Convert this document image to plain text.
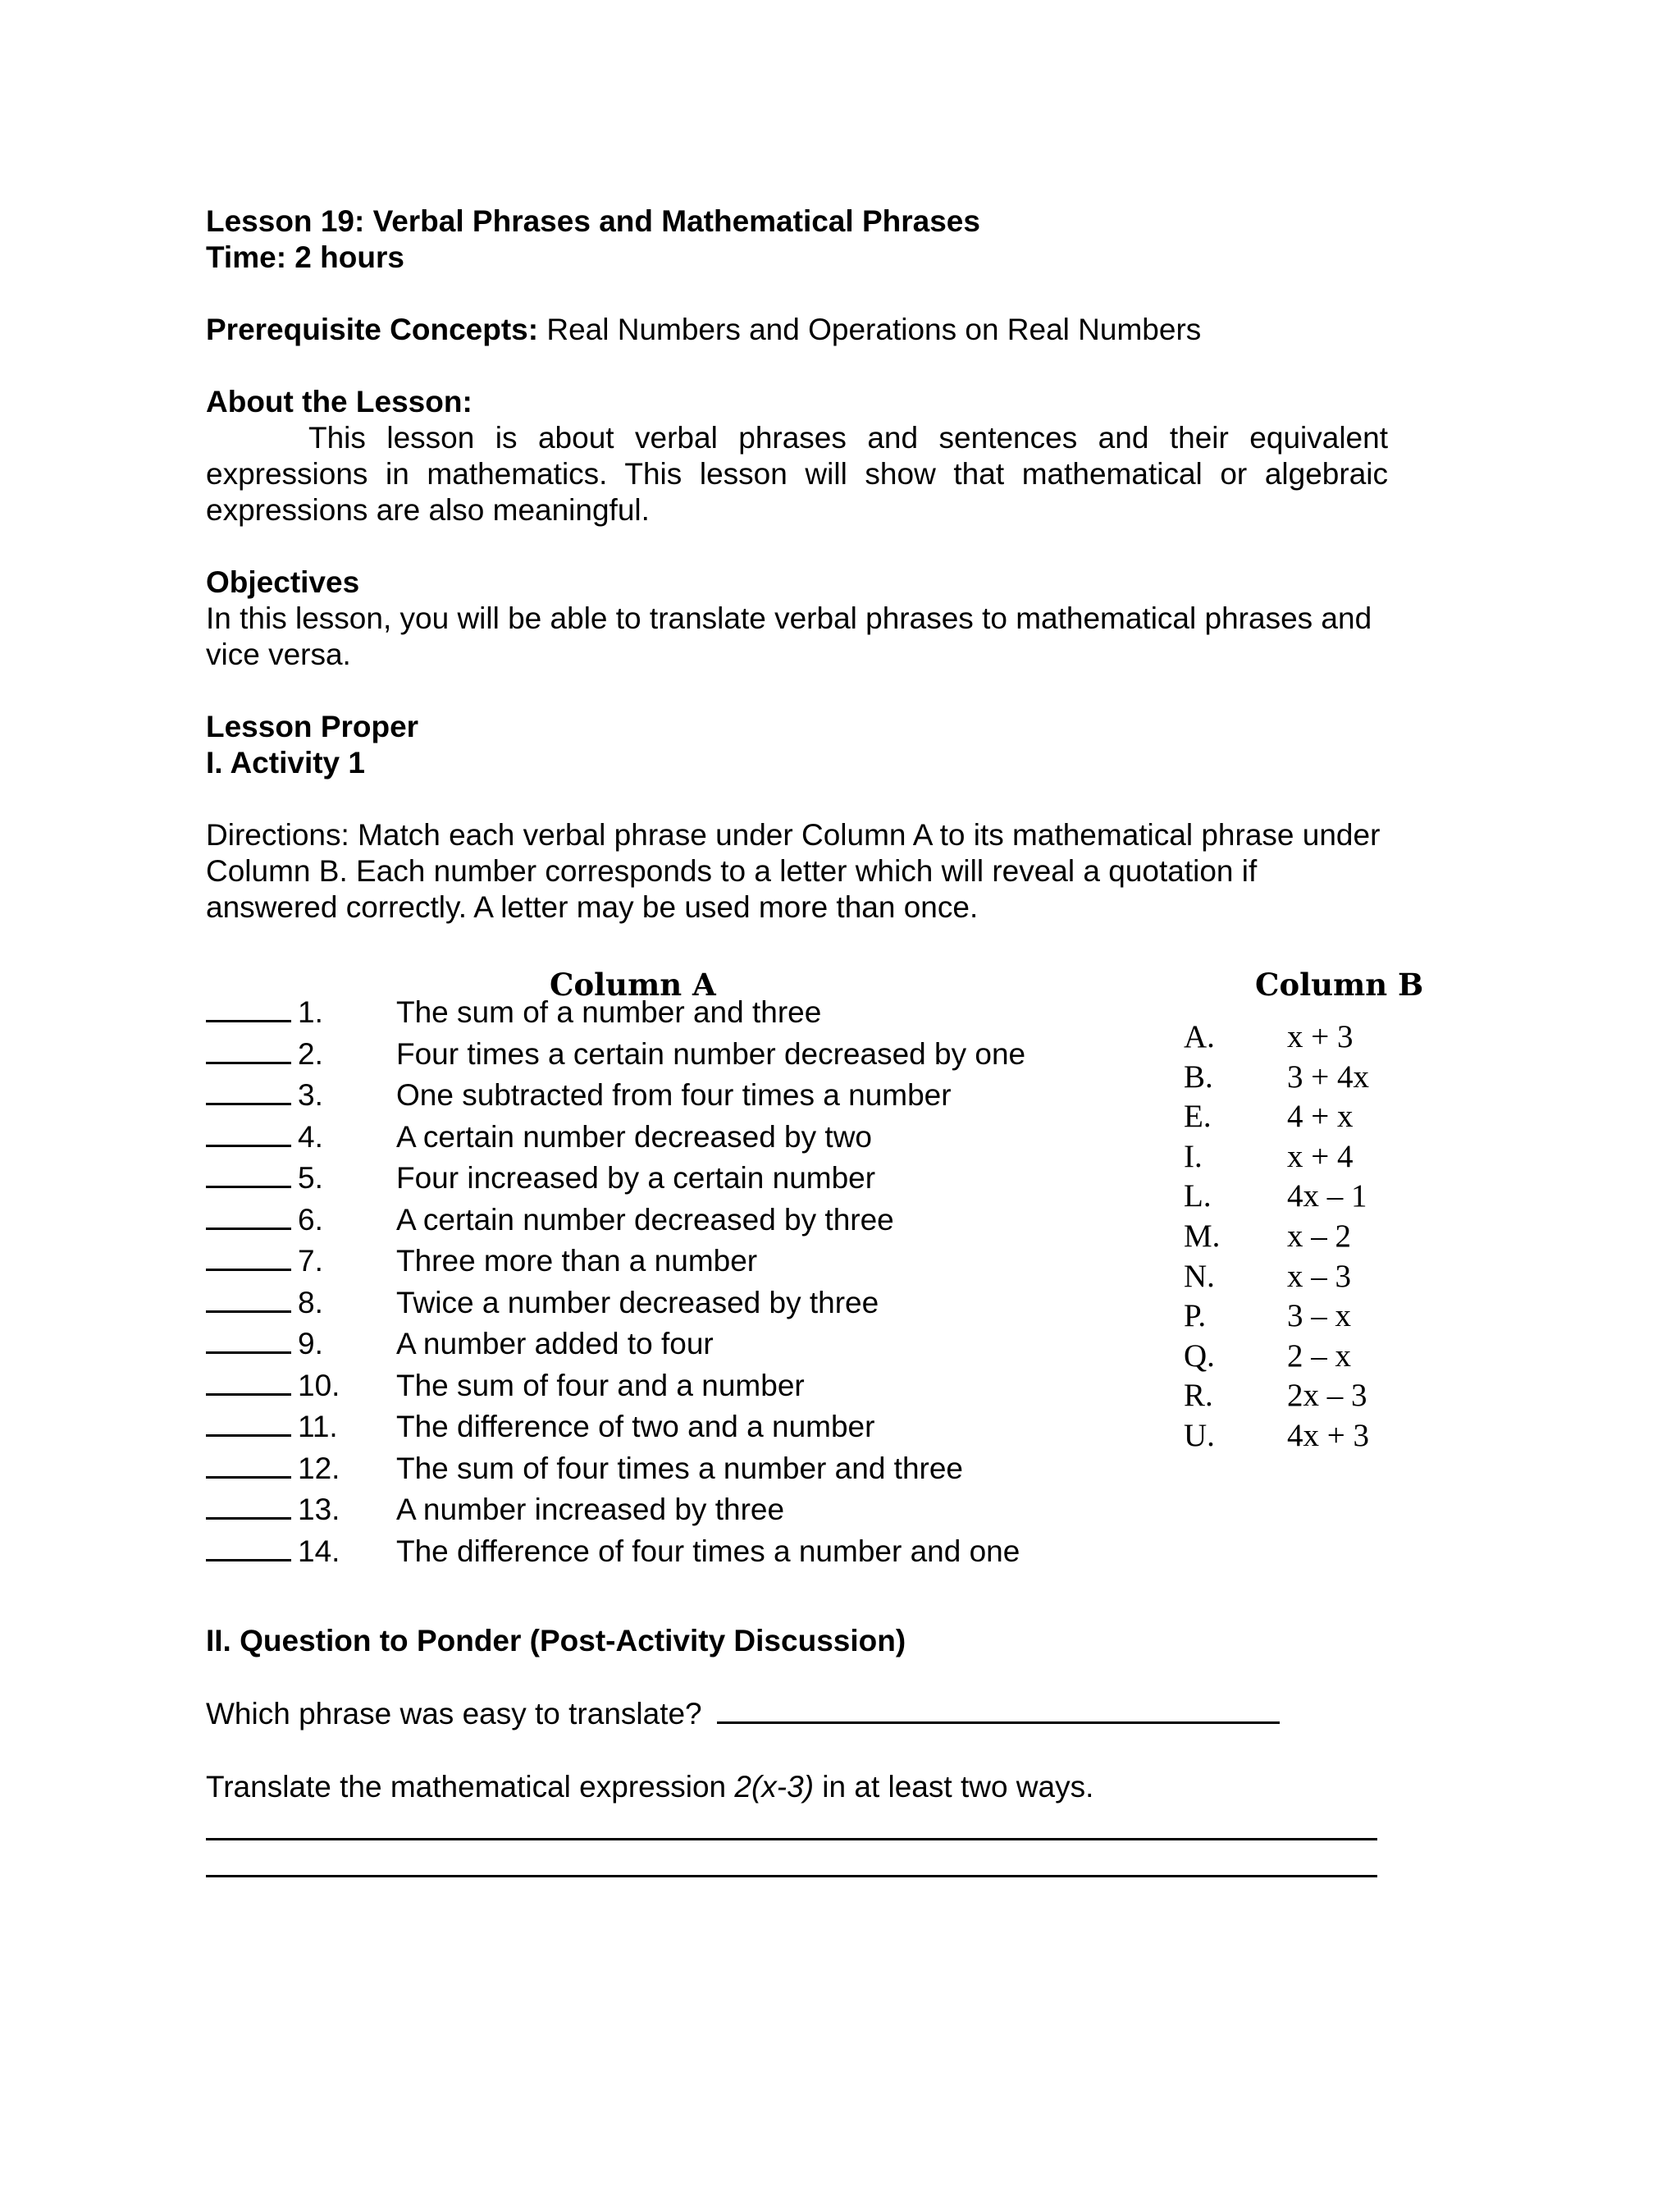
Lesson 19: Verbal Phrases and Mathematical Phrases
Time: 2 hours
Prerequisite Concepts: Real Numbers and Operations on Real Numbers
About the Lesson:
This lesson is about verbal phrases and sentences and their equivalent expressions in mathematics. This lesson will show that mathematical or algebraic expressions are also meaningful.
Objectives
In this lesson, you will be able to translate verbal phrases to mathematical phrases and vice versa.
Lesson Proper
I. Activity 1
Directions: Match each verbal phrase under Column A to its mathematical phrase under Column B. Each number corresponds to a letter which will reveal a quotation if answered correctly. A letter may be used more than once.
Column A	Column B
1. The sum of a number and three
2. Four times a certain number decreased by one
3. One subtracted from four times a number
4. A certain number decreased by two
5. Four increased by a certain number
6. A certain number decreased by three
7. Three more than a number
8. Twice a number decreased by three
9. A number added to four
10. The sum of four and a number
11. The difference of two and a number
12. The sum of four times a number and three
13. A number increased by three
14. The difference of four times a number and one
A. x + 3
B. 3 + 4x
E. 4 + x
I.	x + 4
L. 4x – 1
M. x – 2
N. x – 3
P.	3 – x
Q. 2 – x
R. 2x – 3
U. 4x + 3
II. Question to Ponder (Post-Activity Discussion)
Which phrase was easy to translate?
Translate the mathematical expression 2(x-3) in at least two ways.
